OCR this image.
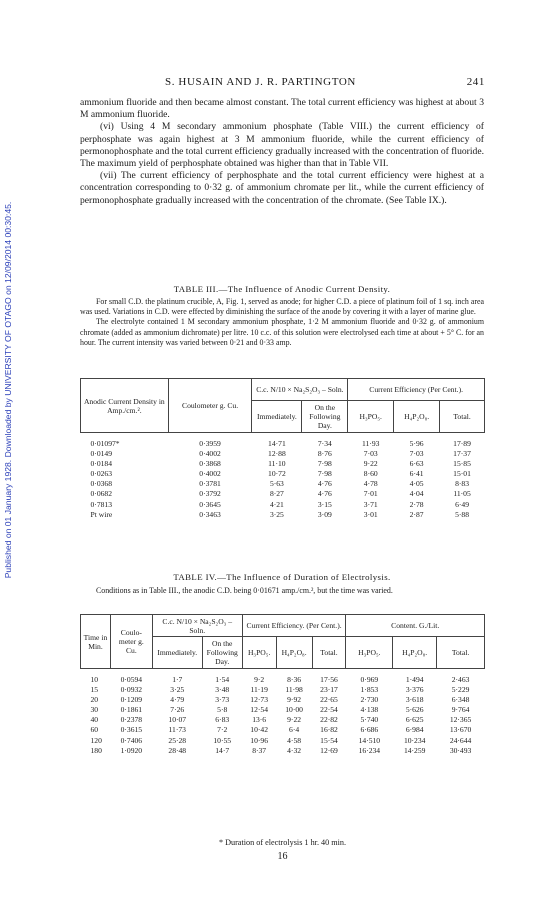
Published on 01 January 1928. Downloaded by UNIVERSITY OF OTAGO on 12/09/2014 00:30:45.
S. HUSAIN AND J. R. PARTINGTON	241

ammonium fluoride and then became almost constant. The total current efficiency was highest at about 3 M ammonium fluoride.

(vi) Using 4 M secondary ammonium phosphate (Table VIII.) the current efficiency of perphosphate was again highest at 3 M ammonium fluoride, while the current efficiency of permonophosphate and the total current efficiency gradually increased with the concentration of fluoride. The maximum yield of perphosphate obtained was higher than that in Table VII.

(vii) The current efficiency of perphosphate and the total current efficiency were highest at a concentration corresponding to 0·32 g. of ammonium chromate per lit., while the current efficiency of permonophosphate gradually increased with the concentration of the chromate. (See Table IX.).

TABLE III.—The Influence of Anodic Current Density.

For small C.D. the platinum crucible, A, Fig. 1, served as anode; for higher C.D. a piece of platinum foil of 1 sq. inch area was used. Variations in C.D. were effected by diminishing the surface of the anode by covering it with a layer of marine glue.

The electrolyte contained 1 M secondary ammonium phosphate, 1·2 M ammonium fluoride and 0·32 g. of ammonium chromate (added as ammonium dichromate) per litre. 10 c.c. of this solution were electrolysed each time at about + 5° C. for an hour. The current intensity was varied between 0·21 and 0·33 amp.

Anodic Current Density in Amp./cm.².	Coulometer g. Cu.	C.c. N/10 × Na₂S₂O₃ – Soln.		Current Efficiency (Per Cent.).		
		Immediately.	On the Following Day.	H₃PO₅.	H₄P₂O₈.	Total.
0·01097*	0·3959	14·71	7·34	11·93	5·96	17·89
0·0149	0·4002	12·88	8·76	7·03	7·03	17·37
0·0184	0·3868	11·10	7·98	9·22	6·63	15·85
0·0263	0·4002	10·72	7·98	8·60	6·41	15·01
0·0368	0·3781	5·63	4·76	4·78	4·05	8·83
0·0682	0·3792	8·27	4·76	7·01	4·04	11·05
0·7813	0·3645	4·21	3·15	3·71	2·78	6·49
Pt wire	0·3463	3·25	3·09	3·01	2·87	5·88
TABLE IV.—The Influence of Duration of Electrolysis.

Conditions as in Table III., the anodic C.D. being 0·01671 amp./cm.², but the time was varied.

Time in Min.	Coulo-meter g. Cu.	C.c. N/10 × Na₂S₂O₃ – Soln.		Current Efficiency. (Per Cent.).			Content. G./Lit.		
		Immediately.	On the Following Day.	H₃PO₅.	H₄P₂O₈.	Total.	H₃PO₅.	H₄P₂O₈.	Total.
10	0·0594	1·7	1·54	9·2	8·36	17·56	0·969	1·494	2·463
15	0·0932	3·25	3·48	11·19	11·98	23·17	1·853	3·376	5·229
20	0·1209	4·79	3·73	12·73	9·92	22·65	2·730	3·618	6·348
30	0·1861	7·26	5·8	12·54	10·00	22·54	4·138	5·626	9·764
40	0·2378	10·07	6·83	13·6	9·22	22·82	5·740	6·625	12·365
60	0·3615	11·73	7·2	10·42	6·4	16·82	6·686	6·984	13·670
120	0·7406	25·28	10·55	10·96	4·58	15·54	14·510	10·234	24·644
180	1·0920	28·48	14·7	8·37	4·32	12·69	16·234	14·259	30·493
* Duration of electrolysis 1 hr. 40 min.
16
